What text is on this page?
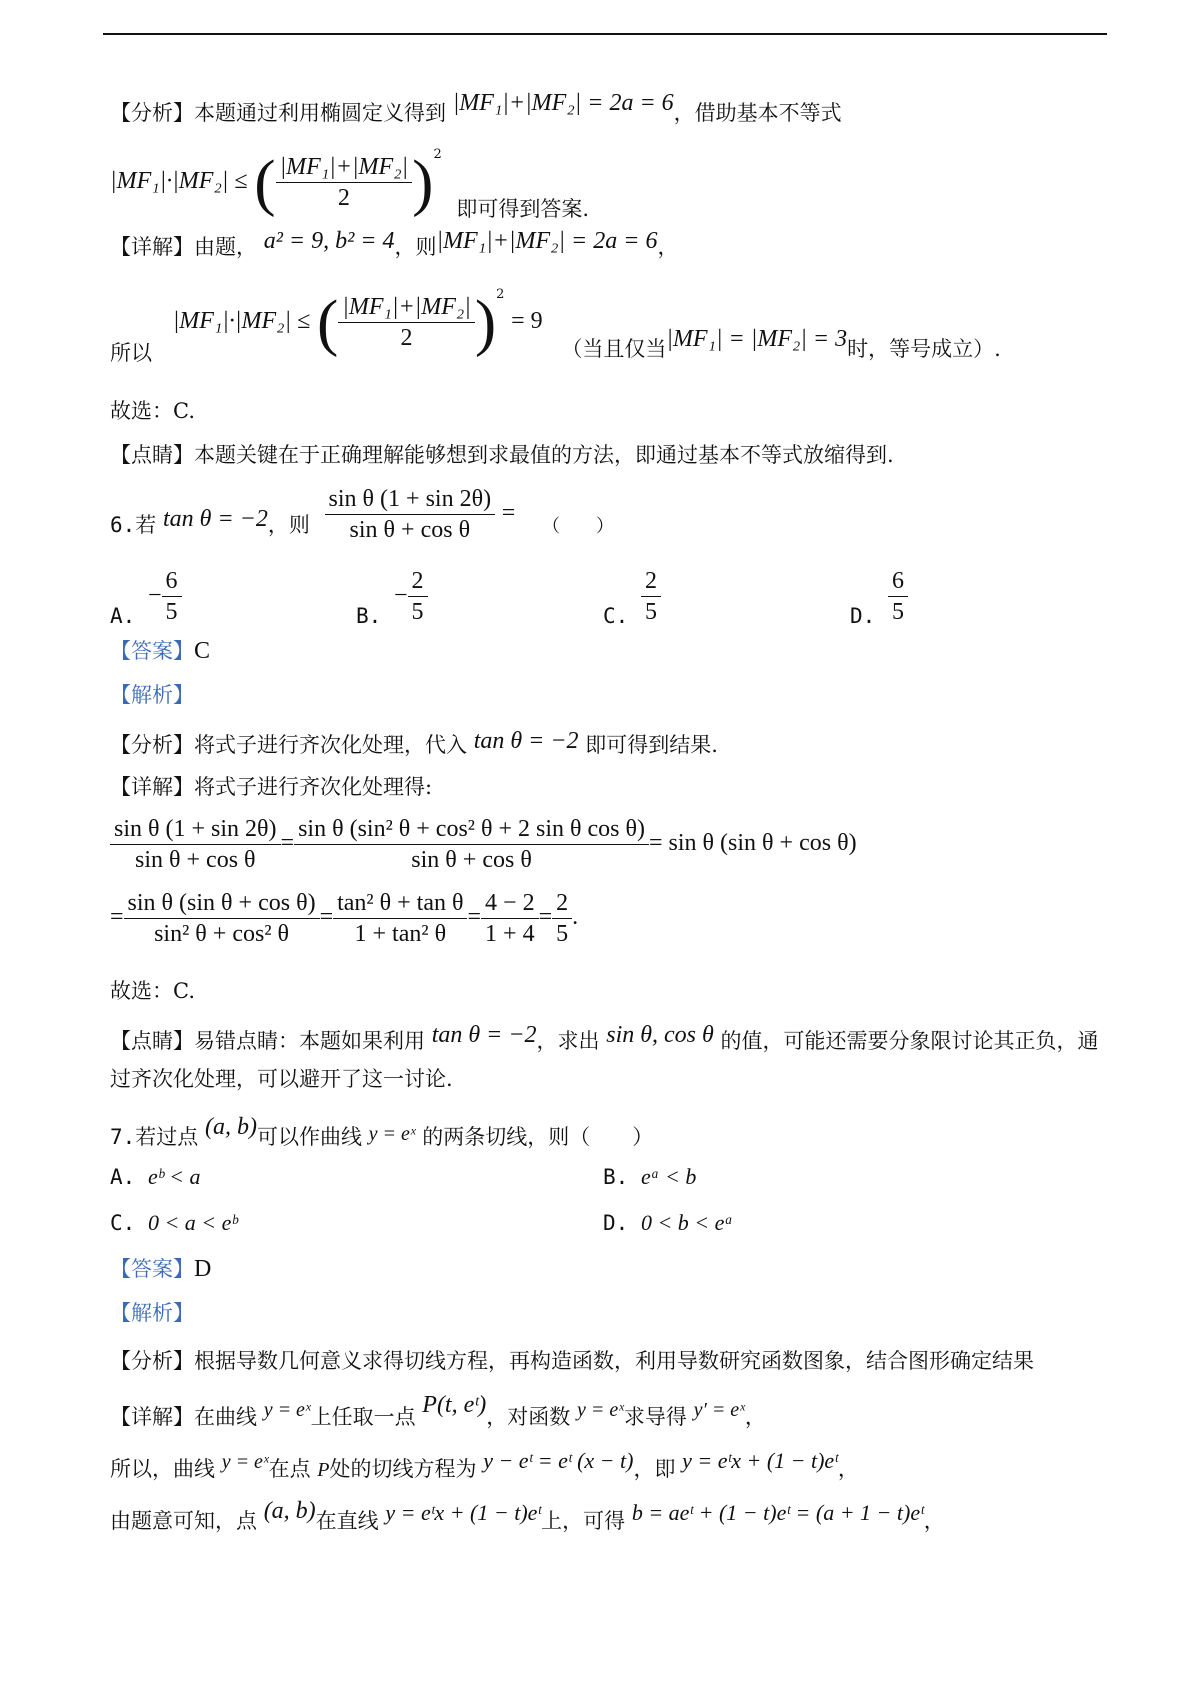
【分析】本题通过利用椭圆定义得到 |MF₁|+|MF₂| = 2a = 6，借助基本不等式
|MF₁|·|MF₂| ≤ ( $\frac{\text{|MF₁|+|MF₂|}}{2} )^2$ 即可得到答案.
【详解】由题， a² = 9, b² = 4，则|MF₁|+|MF₂| = 2a = 6，
所以 |MF₁|·|MF₂| ≤ ( $\frac{\text{|MF₁|+|MF₂|}}{2} )^2 = 9$ （当且仅当|MF₁| = |MF₂| = 3时，等号成立）.
故选：C.
【点睛】本题关键在于正确理解能够想到求最值的方法，即通过基本不等式放缩得到.
6.若 tan θ = −2，则 $\frac{\text{sin θ (1 + sin 2θ)}}{\text{sin θ + cos θ}}$ = （　　）
A. − $\frac{6}{5}$	B. − $\frac{2}{5}$	C. $\frac{2}{5}$	D. $\frac{6}{5}$
【答案】C
【解析】
【分析】将式子进行齐次化处理，代入 tan θ = −2 即可得到结果.
【详解】将式子进行齐次化处理得:
$\frac{\text{sin θ (1 + sin 2θ)}}{\text{sin θ + cos θ}} = \frac{\text{sin θ (sin² θ + cos² θ + 2 sin θ cos θ)}}{\text{sin θ + cos θ}} = \sin \theta$ (sin θ + cos θ)
= $\frac{\text{sin θ (sin θ + cos θ)}}{\text{sin² θ + cos² θ}} = \frac{\text{tan² θ + tan θ}}{\text{1 + tan² θ}} = \frac{4 - 2}{1 + 4} = \frac{2}{5}$ .
故选：C.
【点睛】易错点睛：本题如果利用 tan θ = −2，求出 sin θ, cos θ 的值，可能还需要分象限讨论其正负，通
过齐次化处理，可以避开了这一讨论.
7.若过点 (a, b)可以作曲线 y = eˣ 的两条切线，则（　　）
A. eᵇ < a	B. eᵃ < b
C. 0 < a < eᵇ	D. 0 < b < eᵃ
【答案】D
【解析】
【分析】根据导数几何意义求得切线方程，再构造函数，利用导数研究函数图象，结合图形确定结果
【详解】在曲线 y = eˣ上任取一点 P(t, eᵗ)，对函数 y = eˣ求导得 y′ = eˣ，
所以，曲线 y = eˣ在点 P处的切线方程为 y − eᵗ = eᵗ (x − t)，即 y = eᵗx + (1 − t)eᵗ，
由题意可知，点 (a, b)在直线 y = eᵗx + (1 − t)eᵗ上，可得 b = aeᵗ + (1 − t)eᵗ = (a + 1 − t)eᵗ，
